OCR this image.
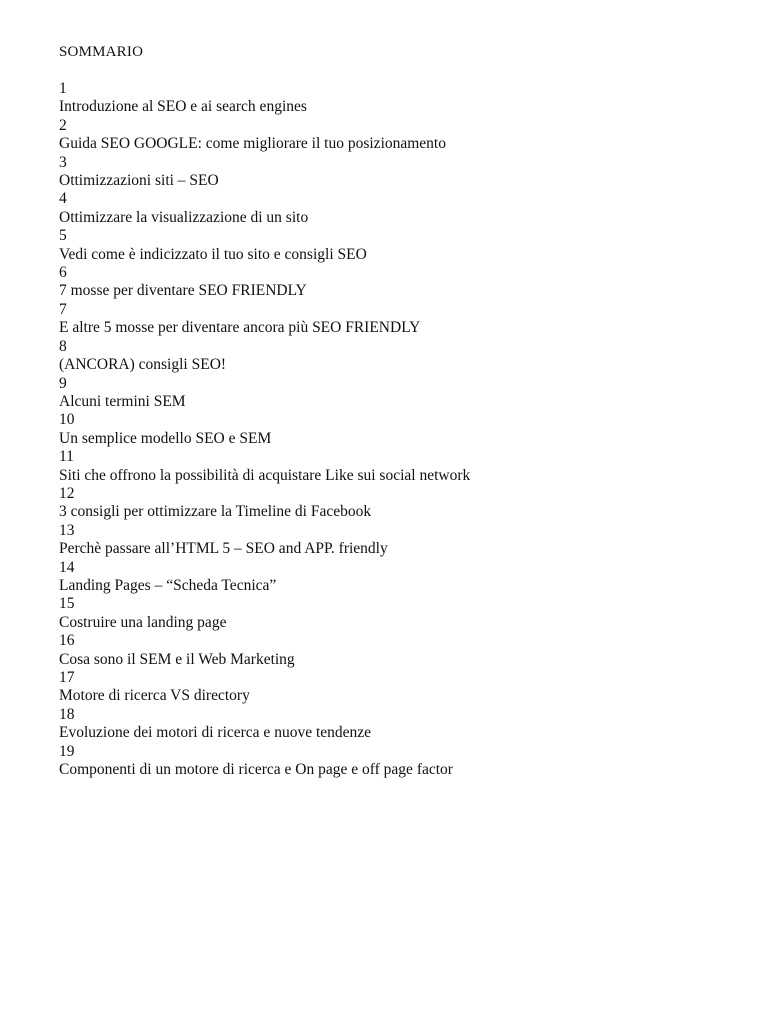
SOMMARIO
1
Introduzione al SEO e ai search engines
2
Guida SEO GOOGLE: come migliorare il tuo posizionamento
3
Ottimizzazioni siti – SEO
4
Ottimizzare la visualizzazione di un sito
5
Vedi come è indicizzato il tuo sito e consigli SEO
6
7 mosse per diventare SEO FRIENDLY
7
E altre 5 mosse per diventare ancora più SEO FRIENDLY
8
(ANCORA) consigli SEO!
9
Alcuni termini SEM
10
Un semplice modello SEO e SEM
11
Siti che offrono la possibilità di acquistare Like sui social network
12
3 consigli per ottimizzare la Timeline di Facebook
13
Perchè passare all’HTML 5 – SEO and APP. friendly
14
Landing Pages – “Scheda Tecnica”
15
Costruire una landing page
16
Cosa sono il SEM e il Web Marketing
17
Motore di ricerca VS directory
18
Evoluzione dei motori di ricerca e nuove tendenze
19
Componenti di un motore di ricerca e On page e off page factor
